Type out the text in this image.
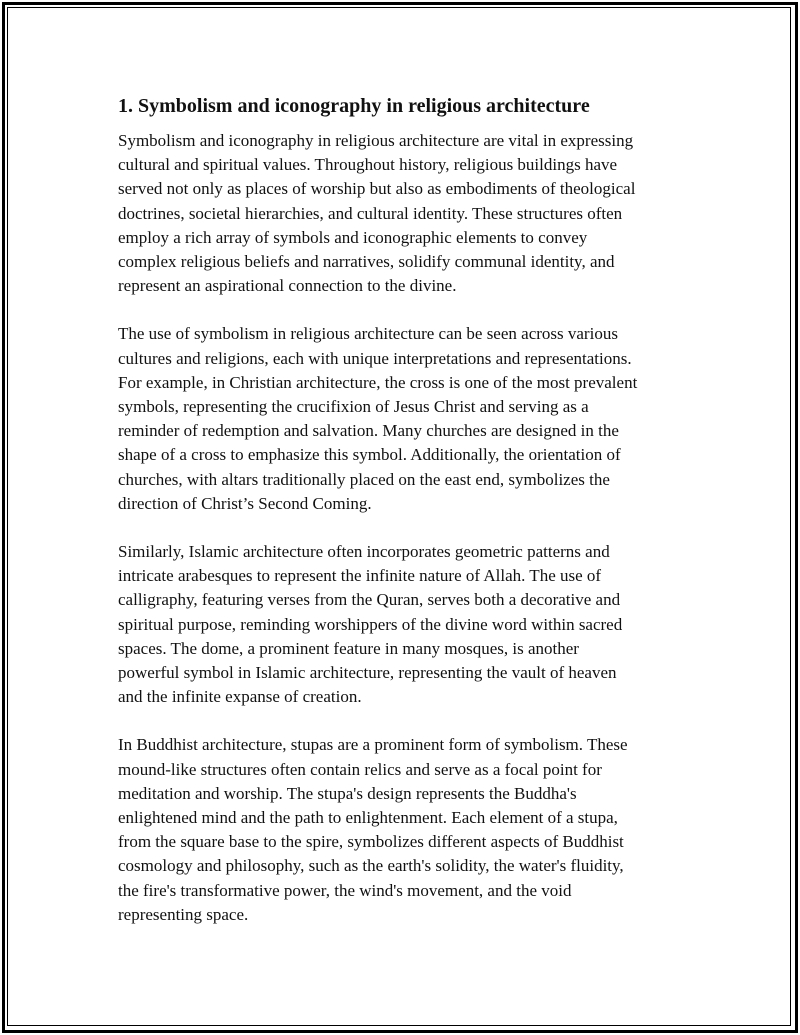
1. Symbolism and iconography in religious architecture

Symbolism and iconography in religious architecture are vital in expressing
cultural and spiritual values. Throughout history, religious buildings have
served not only as places of worship but also as embodiments of theological
doctrines, societal hierarchies, and cultural identity. These structures often
employ a rich array of symbols and iconographic elements to convey
complex religious beliefs and narratives, solidify communal identity, and
represent an aspirational connection to the divine.

The use of symbolism in religious architecture can be seen across various
cultures and religions, each with unique interpretations and representations.
For example, in Christian architecture, the cross is one of the most prevalent
symbols, representing the crucifixion of Jesus Christ and serving as a
reminder of redemption and salvation. Many churches are designed in the
shape of a cross to emphasize this symbol. Additionally, the orientation of
churches, with altars traditionally placed on the east end, symbolizes the
direction of Christ’s Second Coming.

Similarly, Islamic architecture often incorporates geometric patterns and
intricate arabesques to represent the infinite nature of Allah. The use of
calligraphy, featuring verses from the Quran, serves both a decorative and
spiritual purpose, reminding worshippers of the divine word within sacred
spaces. The dome, a prominent feature in many mosques, is another
powerful symbol in Islamic architecture, representing the vault of heaven
and the infinite expanse of creation.

In Buddhist architecture, stupas are a prominent form of symbolism. These
mound-like structures often contain relics and serve as a focal point for
meditation and worship. The stupa's design represents the Buddha's
enlightened mind and the path to enlightenment. Each element of a stupa,
from the square base to the spire, symbolizes different aspects of Buddhist
cosmology and philosophy, such as the earth's solidity, the water's fluidity,
the fire's transformative power, the wind's movement, and the void
representing space.
